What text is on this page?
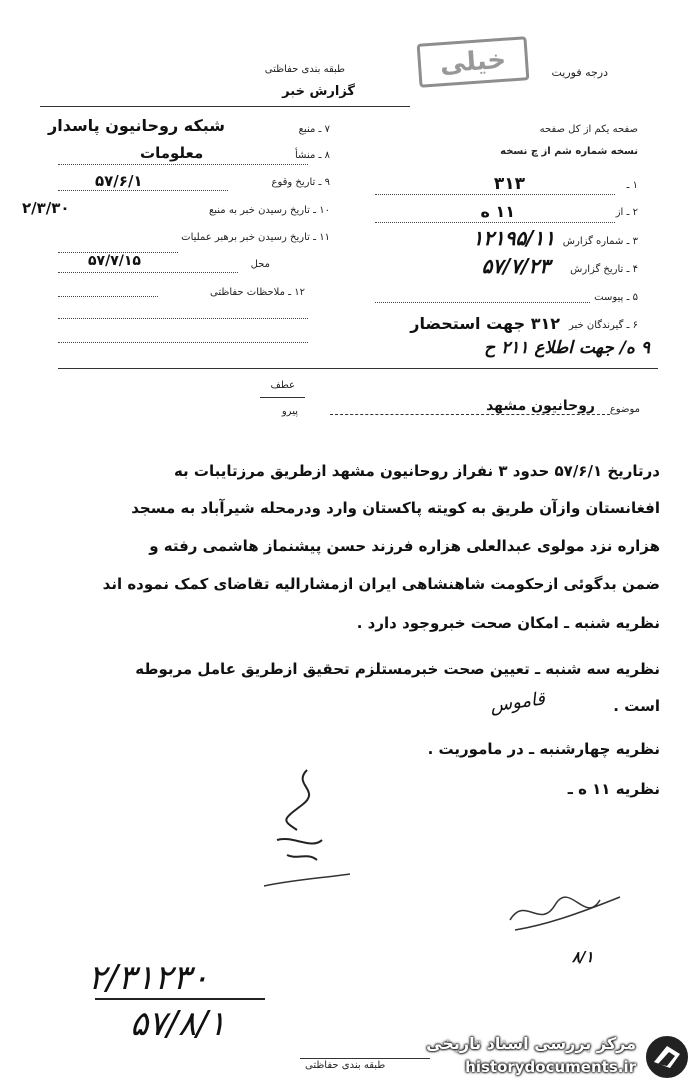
درجه فوریت
خیلی
طبقه بندی حفاظتی
گزارش خبر
صفحه یکم از کل صفحه
نسخه شماره شم از چ نسخه
۱ ـ
۳۱۳
۲ ـ از
۱۱ ه
۳ ـ شماره گزارش
۱۲۱۹۵/۱۱
۴ ـ تاریخ گزارش
۵۷/۷/۲۳
۵ ـ پیوست
۶ ـ گیرندگان خبر
۳۱۲ جهت استحضار
۹ ه/ جهت اطلاع ۲۱۱ ح
۷ ـ منبع
شبکه روحانیون پاسدار
۸ ـ منشأ
معلومات
۹ ـ تاریخ وقوع
۵۷/۶/۱
۱۰ ـ تاریخ رسیدن خبر به منبع
۲/۳/۳۰
۱۱ ـ تاریخ رسیدن خبر برهبر عملیات
محل
۵۷/۷/۱۵
۱۲ ـ ملاحظات حفاظتی
عطف
پیرو	موضوع
روحانیون مشهد
درتاریخ ۵۷/۶/۱ حدود ۳ نفراز روحانیون مشهد ازطریق مرزتایبات به
افغانستان وازآن طریق به کویته پاکستان وارد ودرمحله شیرآباد به مسجد
هزاره نزد مولوی عبدالعلی هزاره فرزند حسن پیشنماز هاشمی رفته و
ضمن بدگوئی ازحکومت شاهنشاهی ایران ازمشارالیه تقاضای کمک نموده اند
نظریه شنبه ـ امکان صحت خبروجود دارد .
نظریه سه شنبه ـ تعیین صحت خبرمستلزم تحقیق ازطریق عامل مربوطه
است .
نظریه چهارشنبه ـ در ماموریت .
نظریه ۱۱ ه ـ
قاموس
۸/۱
۲/۳۱۲۳۰
۵۷/۸/۱
طبقه بندی حفاظتی
مرکز بررسی اسناد تاریخی
historydocuments.ir
